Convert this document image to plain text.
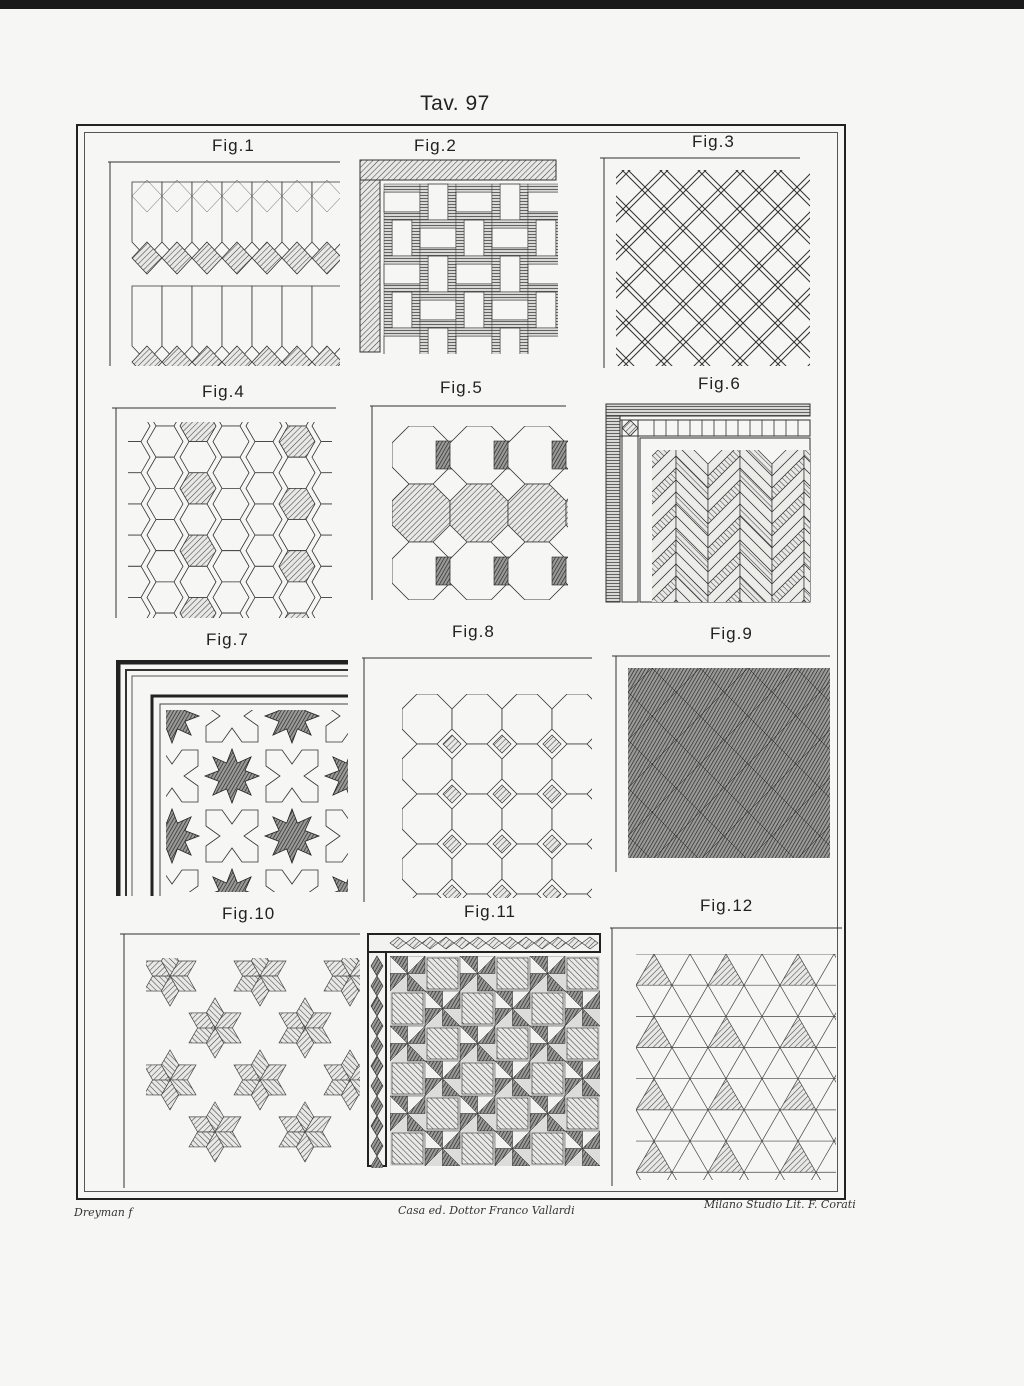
Tav. 97
Fig.1	Fig.2	Fig.3
Fig.4	Fig.5	Fig.6
Fig.7	Fig.8	Fig.9
Fig.10	Fig.11	Fig.12
Dreyman f	Casa ed. Dottor Franco Vallardi	Milano Studio Lit. F. Corati
